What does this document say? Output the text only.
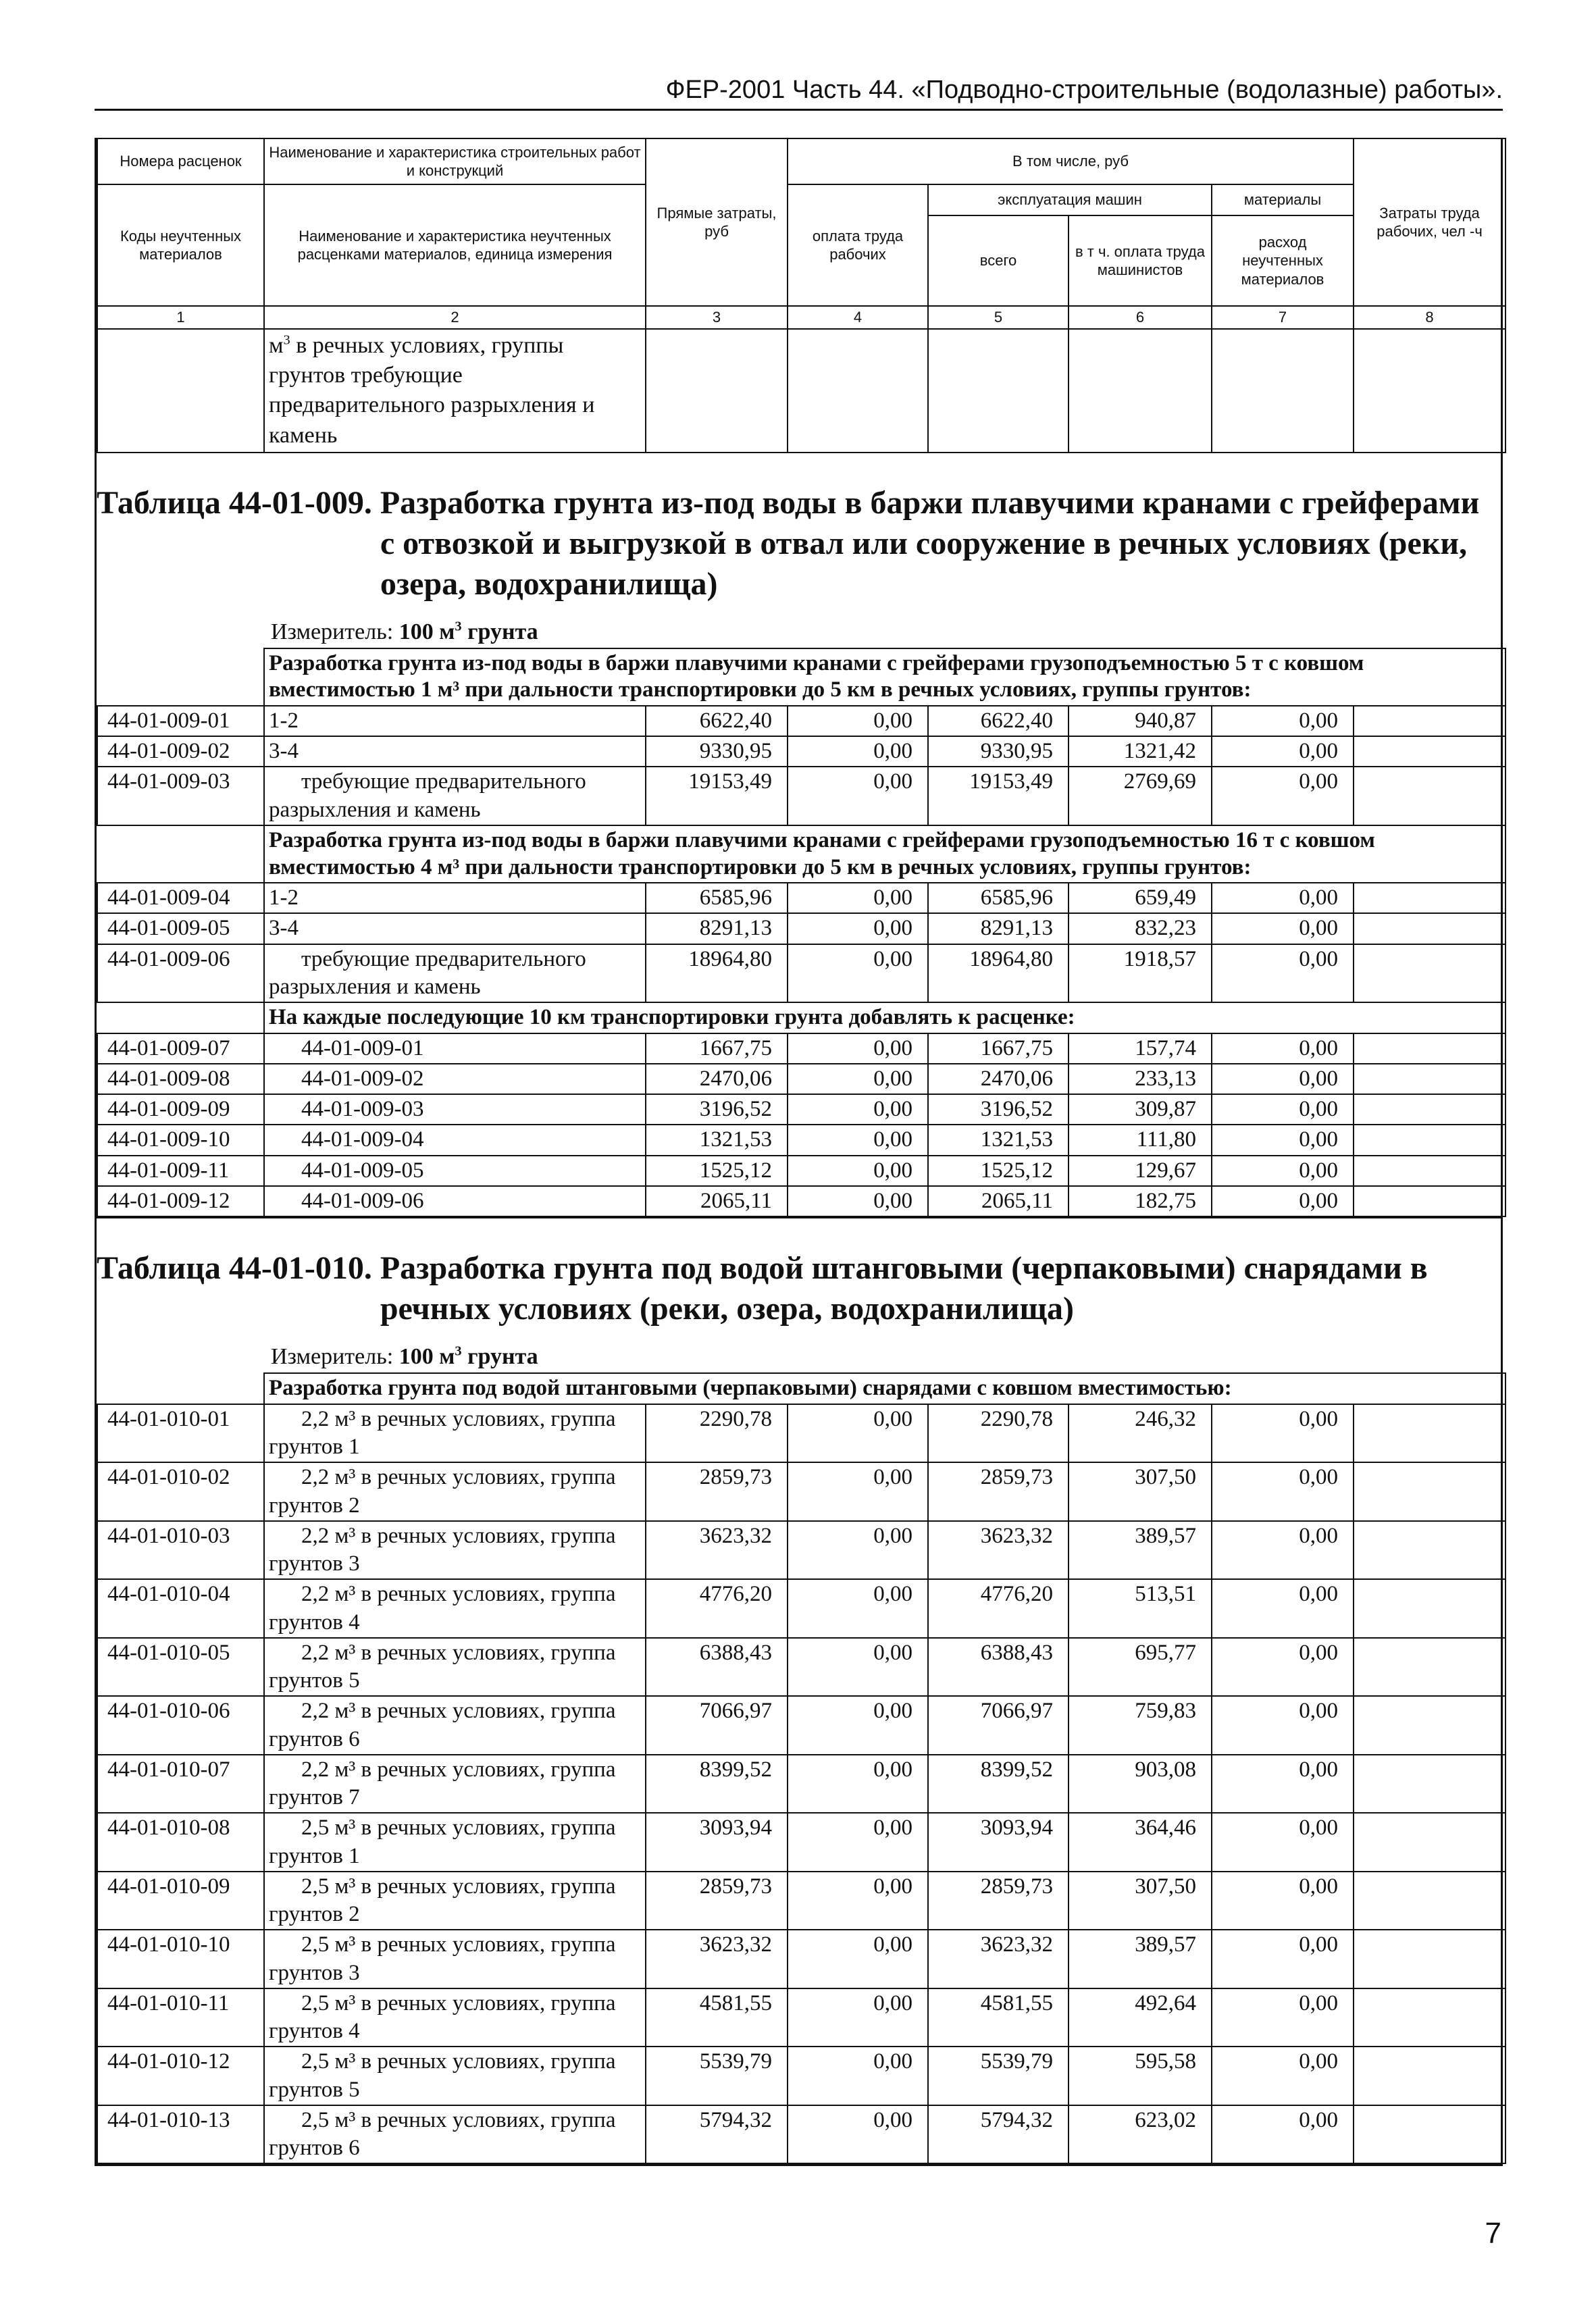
ФЕР-2001 Часть 44. «Подводно-строительные (водолазные) работы».
Номера расценок	Наименование и характеристика строительных работ и конструкций	Прямые затраты, руб	В том числе, руб				Затраты труда рабочих, чел -ч
Коды неучтенных материалов	Наименование и характеристика неучтенных расценками материалов, единица измерения		оплата труда рабочих	эксплуатация машин		материалы	
				всего	в т ч. оплата труда машинистов	расход неучтенных материалов	
1	2	3	4	5	6	7	8
	$м^3$ в речных условиях, группы грунтов требующие предварительного разрыхления и камень						
Таблица 44-01-009. Разработка грунта из-под воды в баржи плавучими кранами с грейферами с отвозкой и выгрузкой в отвал или сооружение в речных условиях (реки, озера, водохранилища)
Измеритель: 100 $м^3$ грунта
	Разработка грунта из-под воды в баржи плавучими кранами с грейферами грузоподъемностью 5 т с ковшом вместимостью 1 м³ при дальности транспортировки до 5 км в речных условиях, группы грунтов:						
44-01-009-01	1-2	6622,40	0,00	6622,40	940,87	0,00	
44-01-009-02	3-4	9330,95	0,00	9330,95	1321,42	0,00	
44-01-009-03	требующие предварительного разрыхления и камень	19153,49	0,00	19153,49	2769,69	0,00	
	Разработка грунта из-под воды в баржи плавучими кранами с грейферами грузоподъемностью 16 т с ковшом вместимостью 4 м³ при дальности транспортировки до 5 км в речных условиях, группы грунтов:						
44-01-009-04	1-2	6585,96	0,00	6585,96	659,49	0,00	
44-01-009-05	3-4	8291,13	0,00	8291,13	832,23	0,00	
44-01-009-06	требующие предварительного разрыхления и камень	18964,80	0,00	18964,80	1918,57	0,00	
	На каждые последующие 10 км транспортировки грунта добавлять к расценке:						
44-01-009-07	44-01-009-01	1667,75	0,00	1667,75	157,74	0,00	
44-01-009-08	44-01-009-02	2470,06	0,00	2470,06	233,13	0,00	
44-01-009-09	44-01-009-03	3196,52	0,00	3196,52	309,87	0,00	
44-01-009-10	44-01-009-04	1321,53	0,00	1321,53	111,80	0,00	
44-01-009-11	44-01-009-05	1525,12	0,00	1525,12	129,67	0,00	
44-01-009-12	44-01-009-06	2065,11	0,00	2065,11	182,75	0,00	
Таблица 44-01-010. Разработка грунта под водой штанговыми (черпаковыми) снарядами в речных условиях (реки, озера, водохранилища)
Измеритель: 100 $м^3$ грунта
	Разработка грунта под водой штанговыми (черпаковыми) снарядами с ковшом вместимостью:						
44-01-010-01	2,2 м³ в речных условиях, группа грунтов 1	2290,78	0,00	2290,78	246,32	0,00	
44-01-010-02	2,2 м³ в речных условиях, группа грунтов 2	2859,73	0,00	2859,73	307,50	0,00	
44-01-010-03	2,2 м³ в речных условиях, группа грунтов 3	3623,32	0,00	3623,32	389,57	0,00	
44-01-010-04	2,2 м³ в речных условиях, группа грунтов 4	4776,20	0,00	4776,20	513,51	0,00	
44-01-010-05	2,2 м³ в речных условиях, группа грунтов 5	6388,43	0,00	6388,43	695,77	0,00	
44-01-010-06	2,2 м³ в речных условиях, группа грунтов 6	7066,97	0,00	7066,97	759,83	0,00	
44-01-010-07	2,2 м³ в речных условиях, группа грунтов 7	8399,52	0,00	8399,52	903,08	0,00	
44-01-010-08	2,5 м³ в речных условиях, группа грунтов 1	3093,94	0,00	3093,94	364,46	0,00	
44-01-010-09	2,5 м³ в речных условиях, группа грунтов 2	2859,73	0,00	2859,73	307,50	0,00	
44-01-010-10	2,5 м³ в речных условиях, группа грунтов 3	3623,32	0,00	3623,32	389,57	0,00	
44-01-010-11	2,5 м³ в речных условиях, группа грунтов 4	4581,55	0,00	4581,55	492,64	0,00	
44-01-010-12	2,5 м³ в речных условиях, группа грунтов 5	5539,79	0,00	5539,79	595,58	0,00	
44-01-010-13	2,5 м³ в речных условиях, группа грунтов 6	5794,32	0,00	5794,32	623,02	0,00	
7
